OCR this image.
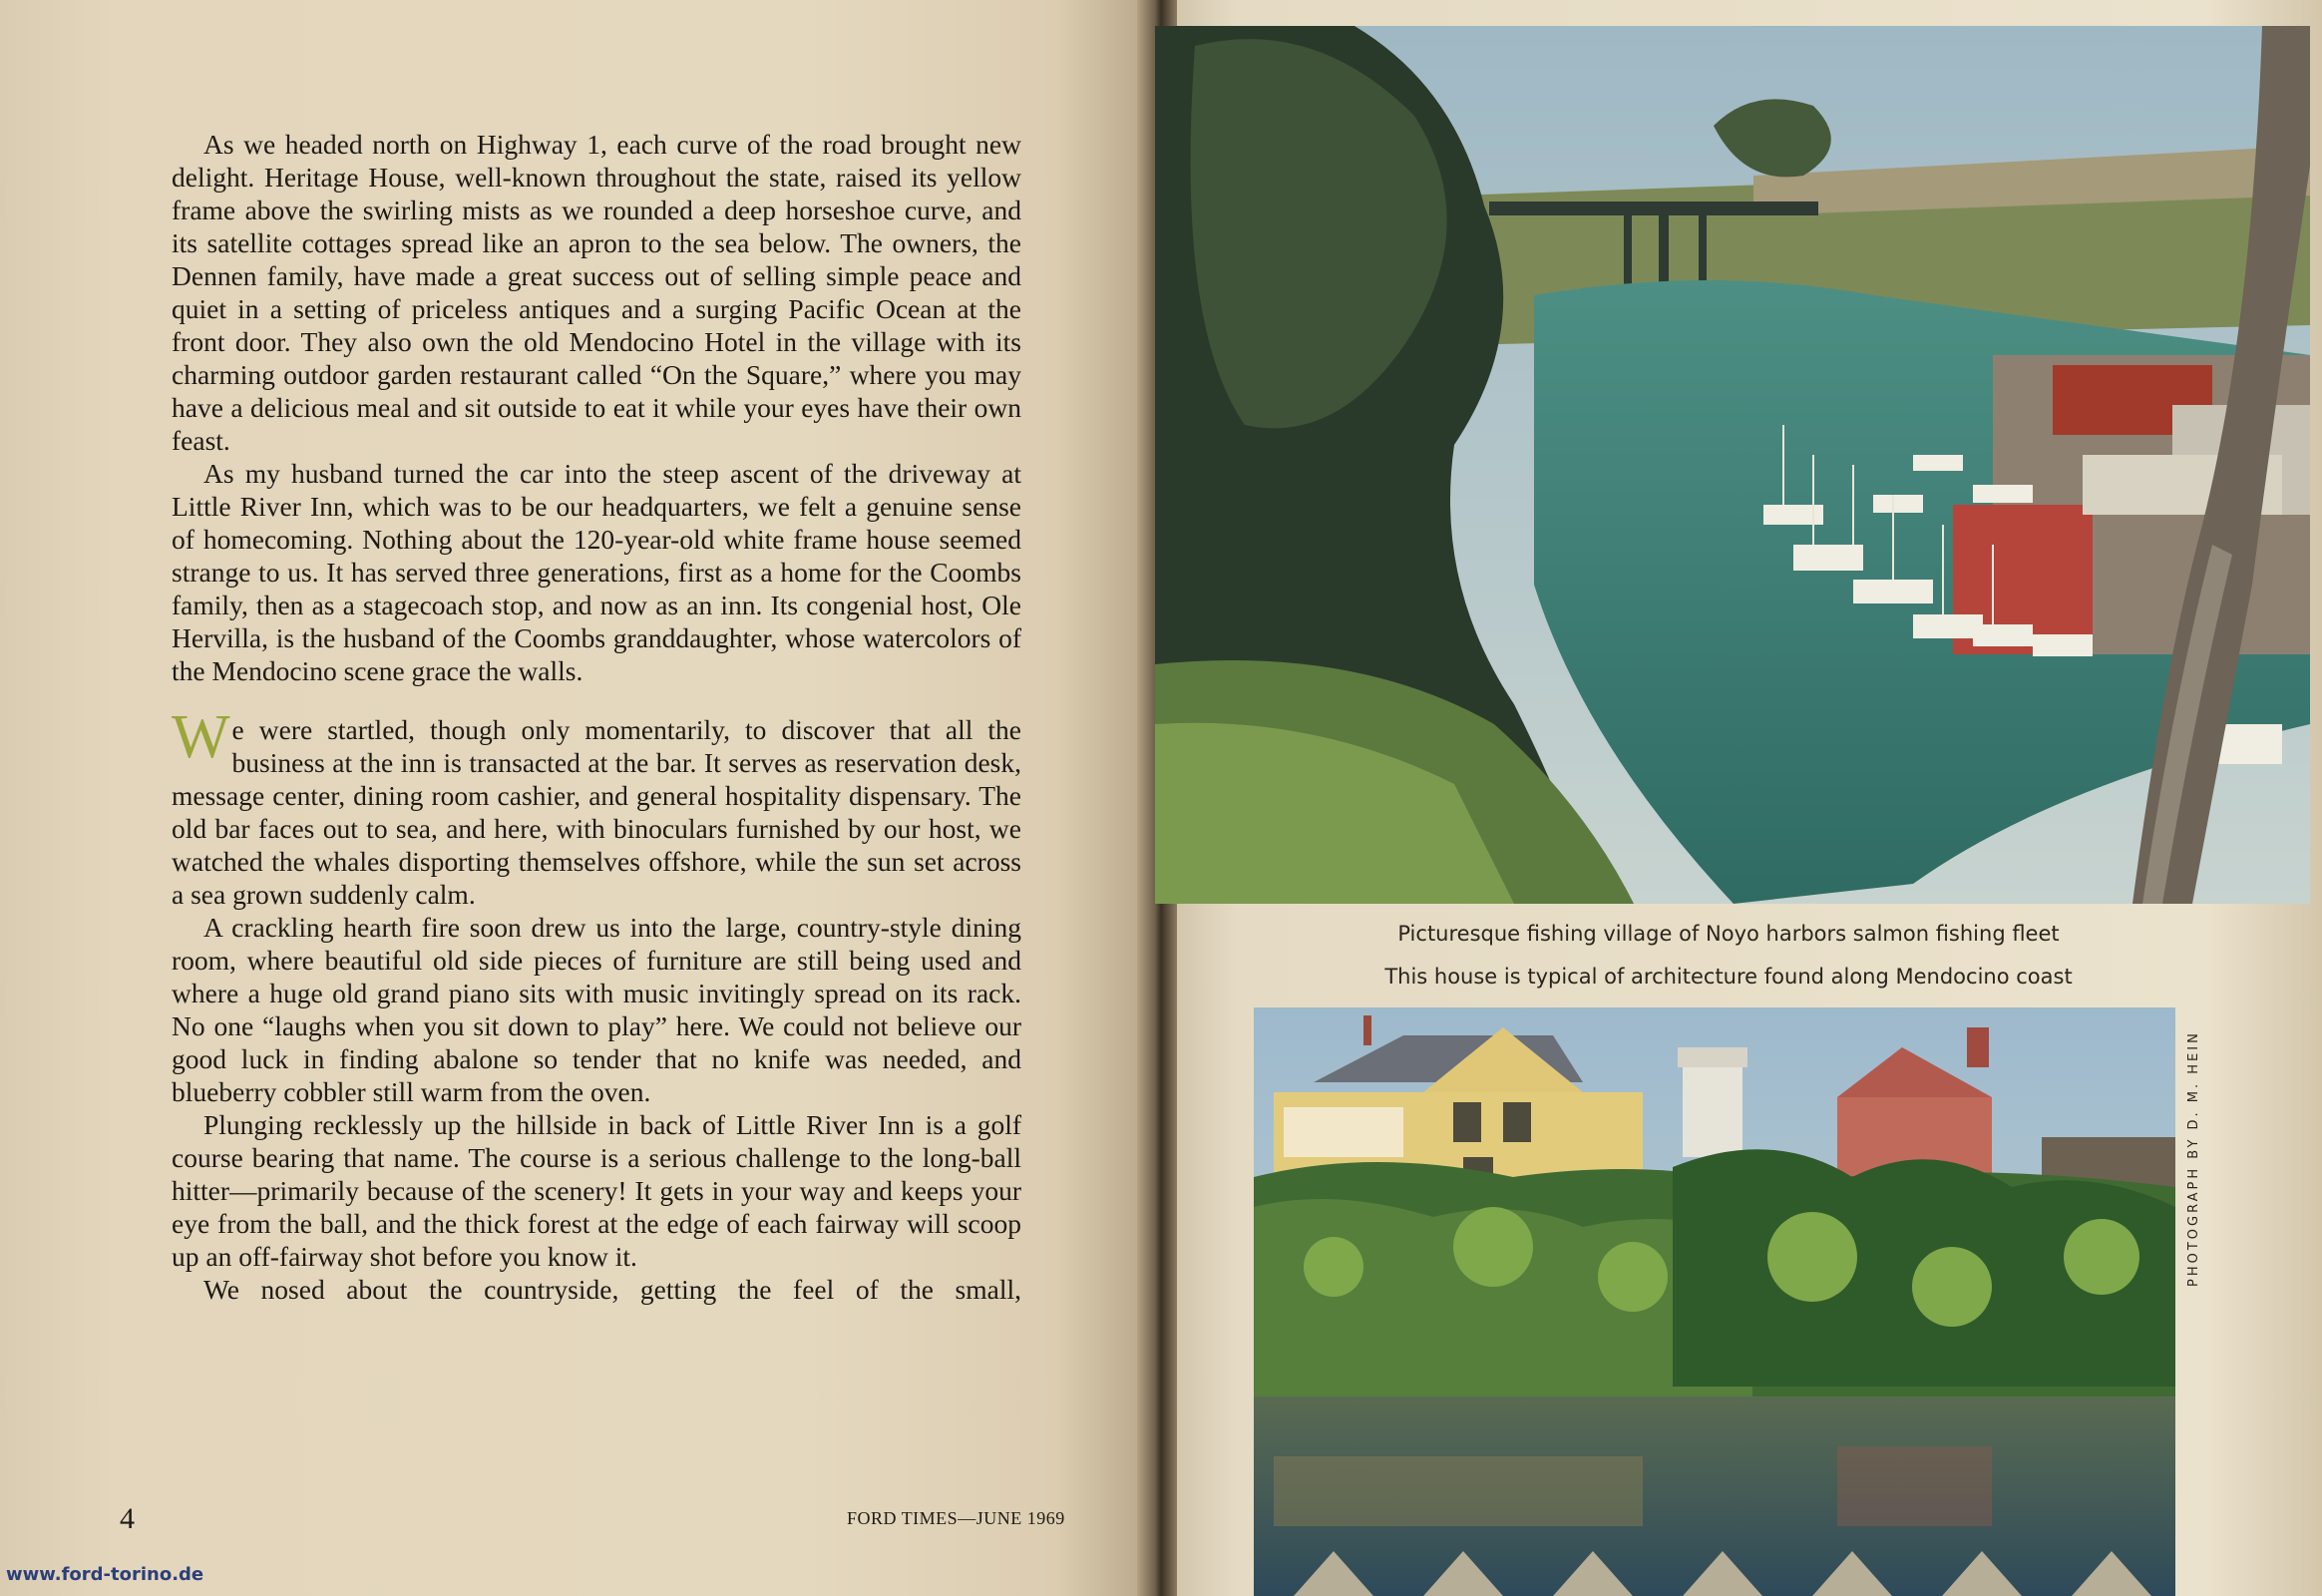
As we headed north on Highway 1, each curve of the road brought new delight. Heritage House, well-known throughout the state, raised its yellow frame above the swirling mists as we rounded a deep horseshoe curve, and its satellite cottages spread like an apron to the sea below. The owners, the Dennen family, have made a great success out of selling simple peace and quiet in a setting of priceless antiques and a surging Pacific Ocean at the front door. They also own the old Mendocino Hotel in the village with its charming outdoor garden restaurant called “On the Square,” where you may have a delicious meal and sit outside to eat it while your eyes have their own feast.

As my husband turned the car into the steep ascent of the driveway at Little River Inn, which was to be our headquarters, we felt a genuine sense of homecoming. Nothing about the 120-year-old white frame house seemed strange to us. It has served three generations, first as a home for the Coombs family, then as a stagecoach stop, and now as an inn. Its congenial host, Ole Hervilla, is the husband of the Coombs granddaughter, whose watercolors of the Mendocino scene grace the walls.

We were startled, though only momentarily, to discover that all the business at the inn is transacted at the bar. It serves as reservation desk, message center, dining room cashier, and general hospitality dispensary. The old bar faces out to sea, and here, with binoculars furnished by our host, we watched the whales disporting themselves offshore, while the sun set across a sea grown suddenly calm.

A crackling hearth fire soon drew us into the large, country-style dining room, where beautiful old side pieces of furniture are still being used and where a huge old grand piano sits with music invitingly spread on its rack. No one “laughs when you sit down to play” here. We could not believe our good luck in finding abalone so tender that no knife was needed, and blueberry cobbler still warm from the oven.

Plunging recklessly up the hillside in back of Little River Inn is a golf course bearing that name. The course is a serious challenge to the long-ball hitter—primarily because of the scenery! It gets in your way and keeps your eye from the ball, and the thick forest at the edge of each fairway will scoop up an off-fairway shot before you know it.

We nosed about the countryside, getting the feel of the small,

4	FORD TIMES—JUNE 1969
www.ford-torino.de
Picturesque fishing village of Noyo harbors salmon fishing fleet
This house is typical of architecture found along Mendocino coast
PHOTOGRAPH BY D. M. HEIN
